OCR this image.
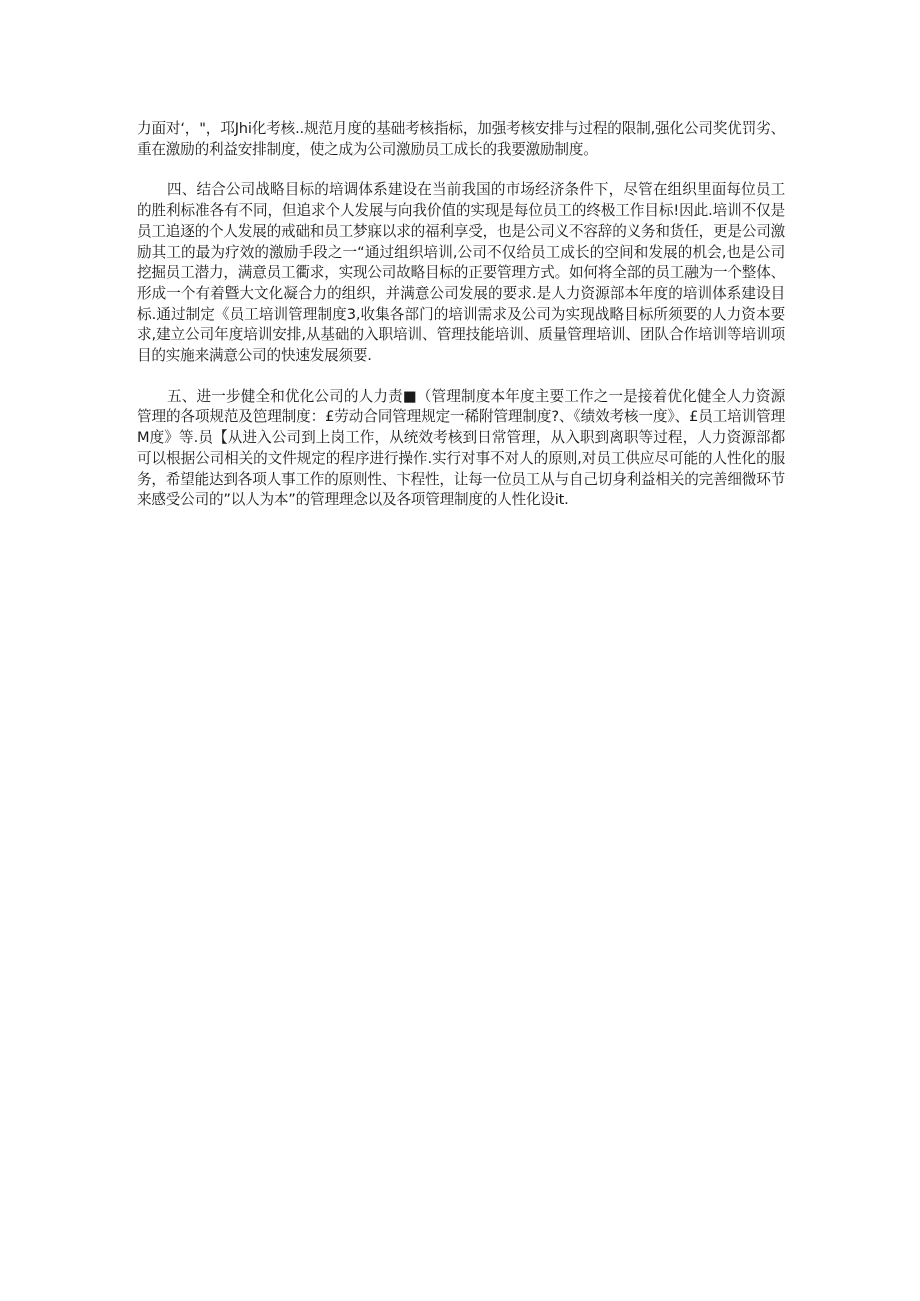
力面对‘，"，邛Jhi化考核..规范月度的基础考核指标，加强考核安排与过程的限制,强化公司奖优罚劣、重在激励的利益安排制度，使之成为公司激励员工成长的我要激励制度。

四、结合公司战略目标的培调体系建设在当前我国的市场经济条件下，尽管在组织里面每位员工的胜利标准各有不同，但追求个人发展与向我价值的实现是每位员工的终极工作目标!因此.培训不仅是员工追逐的个人发展的戒础和员工梦寐以求的福利享受，也是公司义不容辞的义务和货任，更是公司激励其工的最为疗效的激励手段之一“通过组织培训,公司不仅给员工成长的空间和发展的机会,也是公司挖掘员工潜力，满意员工衢求，实现公司故略目标的正要管理方式。如何将全部的员工融为一个整体、形成一个有着曁大文化凝合力的组织，并满意公司发展的要求.是人力资源部本年度的培训体系建设目标.通过制定《员工培训管理制度3,收集各部门的培训需求及公司为实现战略目标所须要的人力资本要求,建立公司年度培训安排,从基础的入职培训、管理技能培训、质量管理培训、团队合作培训等培训项目的实施来满意公司的快速发展须要.

五、进一步健全和优化公司的人力责■（管理制度本年度主要工作之一是接着优化健全人力资源管理的各项规范及笆理制度：£劳动合同管理规定一稀附管理制度?、《绩效考核一度》、£员工培训管理M度》等.员【从进入公司到上岗工作，从统效考核到日常管理，从入职到离职等过程，人力资源部都可以根据公司相关的文件规定的程序进行操作.实行对事不对人的原则,对员工供应尽可能的人性化的服务，希望能达到各项人事工作的原则性、卞程性，让每一位员工从与自己切身利益相关的完善细微环节来感受公司的”以人为本”的管理理念以及各项管理制度的人性化设it.
